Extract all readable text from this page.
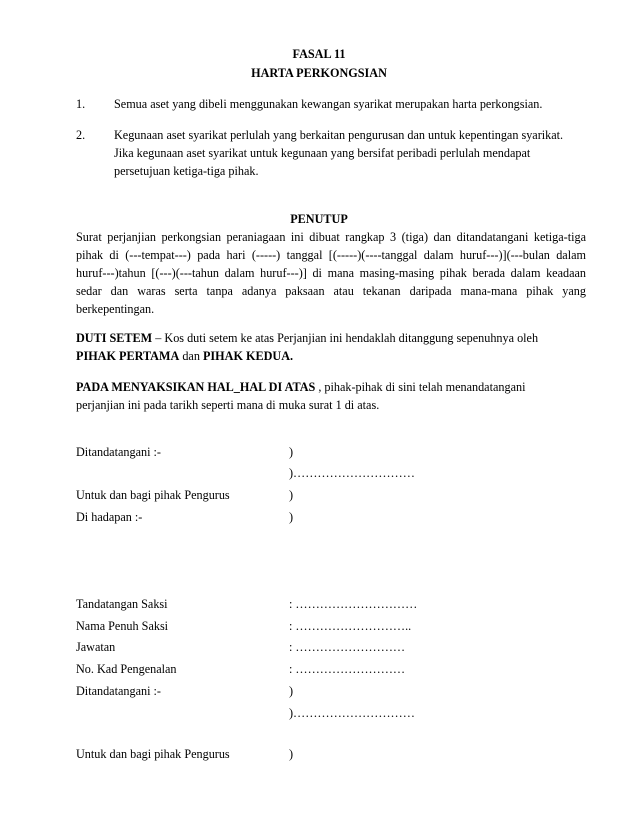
FASAL 11
HARTA PERKONGSIAN
1. Semua aset yang dibeli menggunakan kewangan syarikat merupakan harta perkongsian.
2. Kegunaan aset syarikat perlulah yang berkaitan pengurusan dan untuk kepentingan syarikat.
Jika kegunaan aset syarikat untuk kegunaan yang bersifat peribadi perlulah mendapat
persetujuan ketiga-tiga pihak.
PENUTUP
Surat perjanjian perkongsian peraniagaan ini dibuat rangkap 3 (tiga) dan ditandatangani ketiga-tiga
pihak di (---tempat---) pada hari (-----) tanggal [(-----)(----tanggal dalam huruf---)](---bulan dalam
huruf---)tahun [(---)(---tahun dalam huruf---)] di mana masing-masing pihak berada dalam keadaan
sedar dan waras serta tanpa adanya paksaan atau tekanan daripada mana-mana pihak yang
berkepentingan.
DUTI SETEM – Kos duti setem ke atas Perjanjian ini hendaklah ditanggung sepenuhnya oleh
PIHAK PERTAMA dan PIHAK KEDUA.
PADA MENYAKSIKAN HAL_HAL DI ATAS , pihak-pihak di sini telah menandatangani
perjanjian ini pada tarikh seperti mana di muka surat 1 di atas.
Ditandatangani :-	)
)…………………………
Untuk dan bagi pihak Pengurus	)
Di hadapan :-	)
Tandatangan Saksi	: …………………………
Nama Penuh Saksi	: ………………………..
Jawatan	: ………………………
No. Kad Pengenalan	: ………………………
Ditandatangani :-	)
)…………………………
Untuk dan bagi pihak Pengurus	)
